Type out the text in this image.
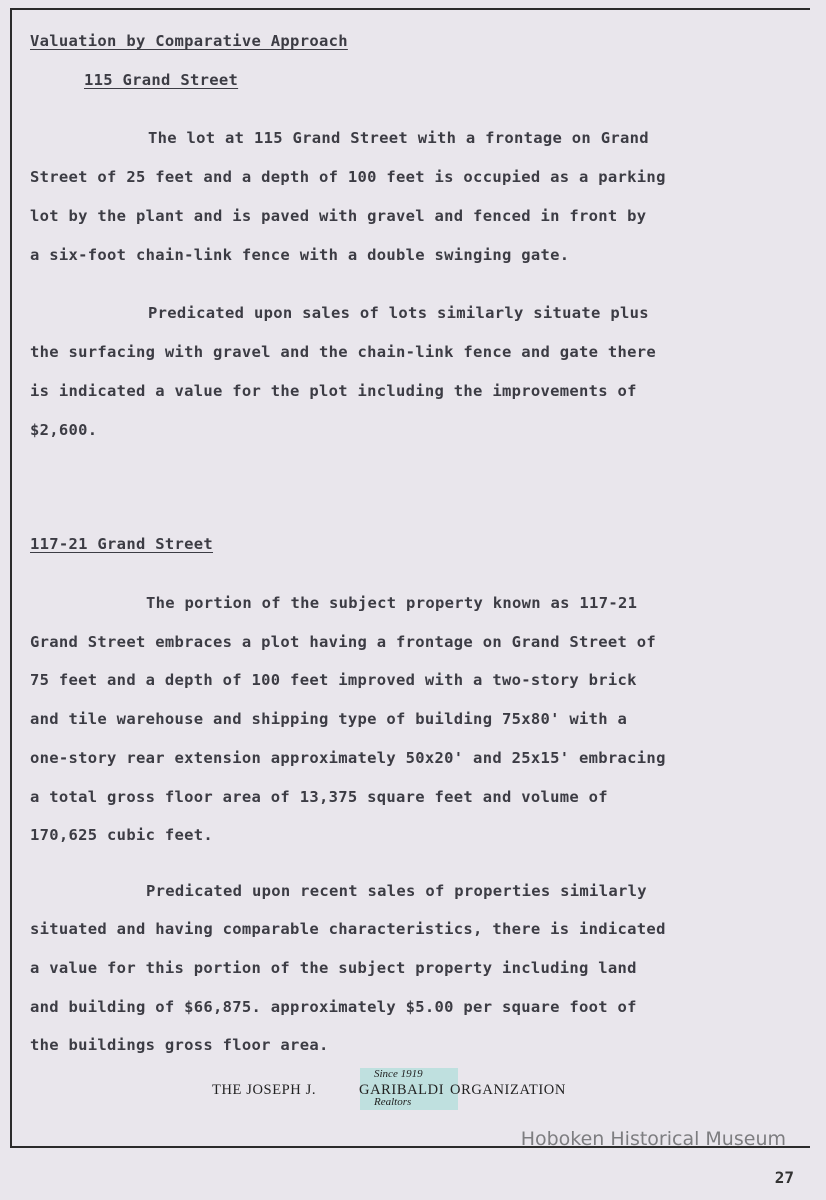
Valuation by Comparative Approach
115 Grand Street
The lot at 115 Grand Street with a frontage on Grand
Street of 25 feet and a depth of 100 feet is occupied as a parking
lot by the plant and is paved with gravel and fenced in front by
a six-foot chain-link fence with a double swinging gate.
Predicated upon sales of lots similarly situate plus
the surfacing with gravel and the chain-link fence and gate there
is indicated a value for the plot including the improvements of
$2,600.
117-21 Grand Street
The portion of the subject property known as 117-21
Grand Street embraces a plot having a frontage on Grand Street of
75 feet and a depth of 100 feet improved with a two-story brick
and tile warehouse and shipping type of building 75x80' with a
one-story rear extension approximately 50x20' and 25x15' embracing
a total gross floor area of 13,375 square feet and volume of
170,625 cubic feet.
Predicated upon recent sales of properties similarly
situated and having comparable characteristics, there is indicated
a value for this portion of the subject property including land
and building of $66,875. approximately $5.00 per square foot of
the buildings gross floor area.
THE JOSEPH J.	GARIBALDI ORGANIZATION
Since 1919
Realtors
Hoboken Historical Museum
27
